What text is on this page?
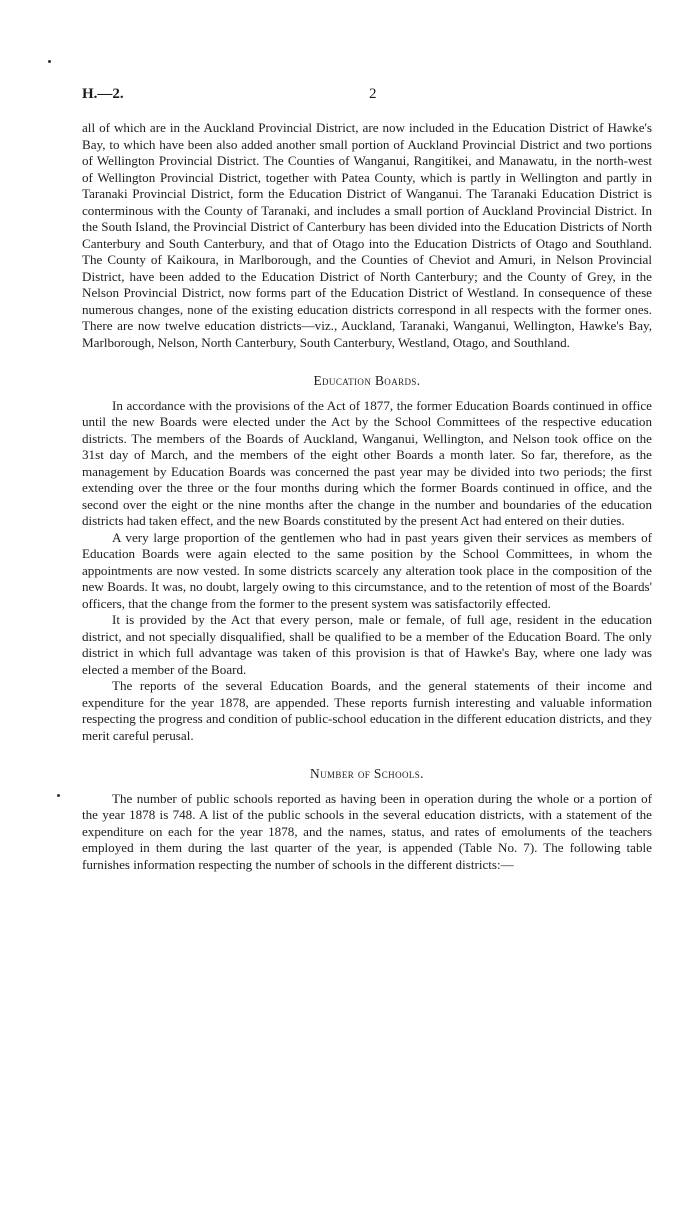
H.—2.	2

all of which are in the Auckland Provincial District, are now included in the Education District of Hawke's Bay, to which have been also added another small portion of Auckland Provincial District and two portions of Wellington Provincial District. The Counties of Wanganui, Rangitikei, and Manawatu, in the north-west of Wellington Provincial District, together with Patea County, which is partly in Wellington and partly in Taranaki Provincial District, form the Education District of Wanganui. The Taranaki Education District is conterminous with the County of Taranaki, and includes a small portion of Auckland Provincial District. In the South Island, the Provincial District of Canterbury has been divided into the Education Districts of North Canterbury and South Canterbury, and that of Otago into the Education Districts of Otago and Southland. The County of Kaikoura, in Marlborough, and the Counties of Cheviot and Amuri, in Nelson Provincial District, have been added to the Education District of North Canterbury; and the County of Grey, in the Nelson Provincial District, now forms part of the Education District of Westland. In consequence of these numerous changes, none of the existing education districts correspond in all respects with the former ones. There are now twelve education districts—viz., Auckland, Taranaki, Wanganui, Wellington, Hawke's Bay, Marlborough, Nelson, North Canterbury, South Canterbury, Westland, Otago, and Southland.

Education Boards.

In accordance with the provisions of the Act of 1877, the former Education Boards continued in office until the new Boards were elected under the Act by the School Committees of the respective education districts. The members of the Boards of Auckland, Wanganui, Wellington, and Nelson took office on the 31st day of March, and the members of the eight other Boards a month later. So far, therefore, as the management by Education Boards was concerned the past year may be divided into two periods; the first extending over the three or the four months during which the former Boards continued in office, and the second over the eight or the nine months after the change in the number and boundaries of the education districts had taken effect, and the new Boards constituted by the present Act had entered on their duties.

A very large proportion of the gentlemen who had in past years given their services as members of Education Boards were again elected to the same position by the School Committees, in whom the appointments are now vested. In some districts scarcely any alteration took place in the composition of the new Boards. It was, no doubt, largely owing to this circumstance, and to the retention of most of the Boards' officers, that the change from the former to the present system was satisfactorily effected.

It is provided by the Act that every person, male or female, of full age, resident in the education district, and not specially disqualified, shall be qualified to be a member of the Education Board. The only district in which full advantage was taken of this provision is that of Hawke's Bay, where one lady was elected a member of the Board.

The reports of the several Education Boards, and the general statements of their income and expenditure for the year 1878, are appended. These reports furnish interesting and valuable information respecting the progress and condition of public-school education in the different education districts, and they merit careful perusal.

Number of Schools.

The number of public schools reported as having been in operation during the whole or a portion of the year 1878 is 748. A list of the public schools in the several education districts, with a statement of the expenditure on each for the year 1878, and the names, status, and rates of emoluments of the teachers employed in them during the last quarter of the year, is appended (Table No. 7). The following table furnishes information respecting the number of schools in the different districts:—
